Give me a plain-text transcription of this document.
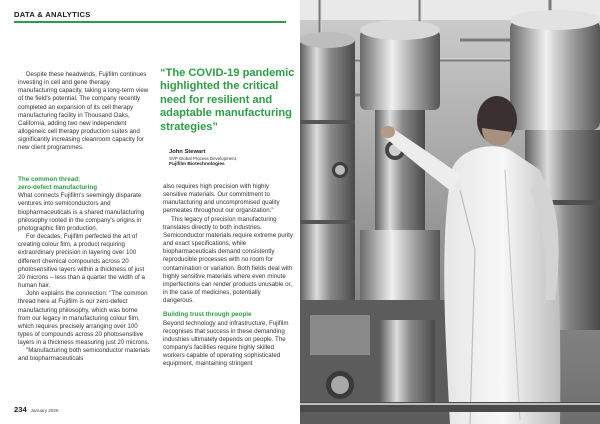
DATA & ANALYTICS

Despite these headwinds, Fujifilm continues investing in cell and gene therapy manufacturing capacity, taking a long-term view of the field's potential. The company recently completed an expansion of its cell therapy manufacturing facility in Thousand Oaks, California, adding two new independent allogeneic cell therapy production suites and significantly increasing cleanroom capacity for new client programmes.

The common thread:
zero-defect manufacturing

What connects Fujifilm's seemingly disparate ventures into semiconductors and biopharmaceuticals is a shared manufacturing philosophy rooted in the company's origins in photographic film production.

For decades, Fujifilm perfected the art of creating colour film, a product requiring extraordinary precision in layering over 100 different chemical compounds across 20 photosensitive layers within a thickness of just 20 microns – less than a quarter the width of a human hair.

John explains the connection: "The common thread here at Fujifilm is our zero-defect manufacturing philosophy, which was borne from our legacy in manufacturing colour film, which requires precisely arranging over 100 types of compounds across 20 photosensitive layers in a thickness measuring just 20 microns.

"Manufacturing both semiconductor materials and biopharmaceuticals

“The COVID-19 pandemic highlighted the critical need for resilient and adaptable manufacturing strategies”
John Stewart
SVP Global Process Development,
Fujifilm Biotechnologies

also requires high precision with highly sensitive materials. Our commitment to manufacturing and uncompromised quality permeates throughout our organization."

This legacy of precision manufacturing translates directly to both industries. Semiconductor materials require extreme purity and exact specifications, while biopharmaceuticals demand consistently reproducible processes with no room for contamination or variation. Both fields deal with highly sensitive materials where even minute imperfections can render products unusable or, in the case of medicines, potentially dangerous.

Building trust through people

Beyond technology and infrastructure, Fujifilm recognises that success in these demanding industries ultimately depends on people. The company's facilities require highly skilled workers capable of operating sophisticated equipment, maintaining stringent

234 January 2026
